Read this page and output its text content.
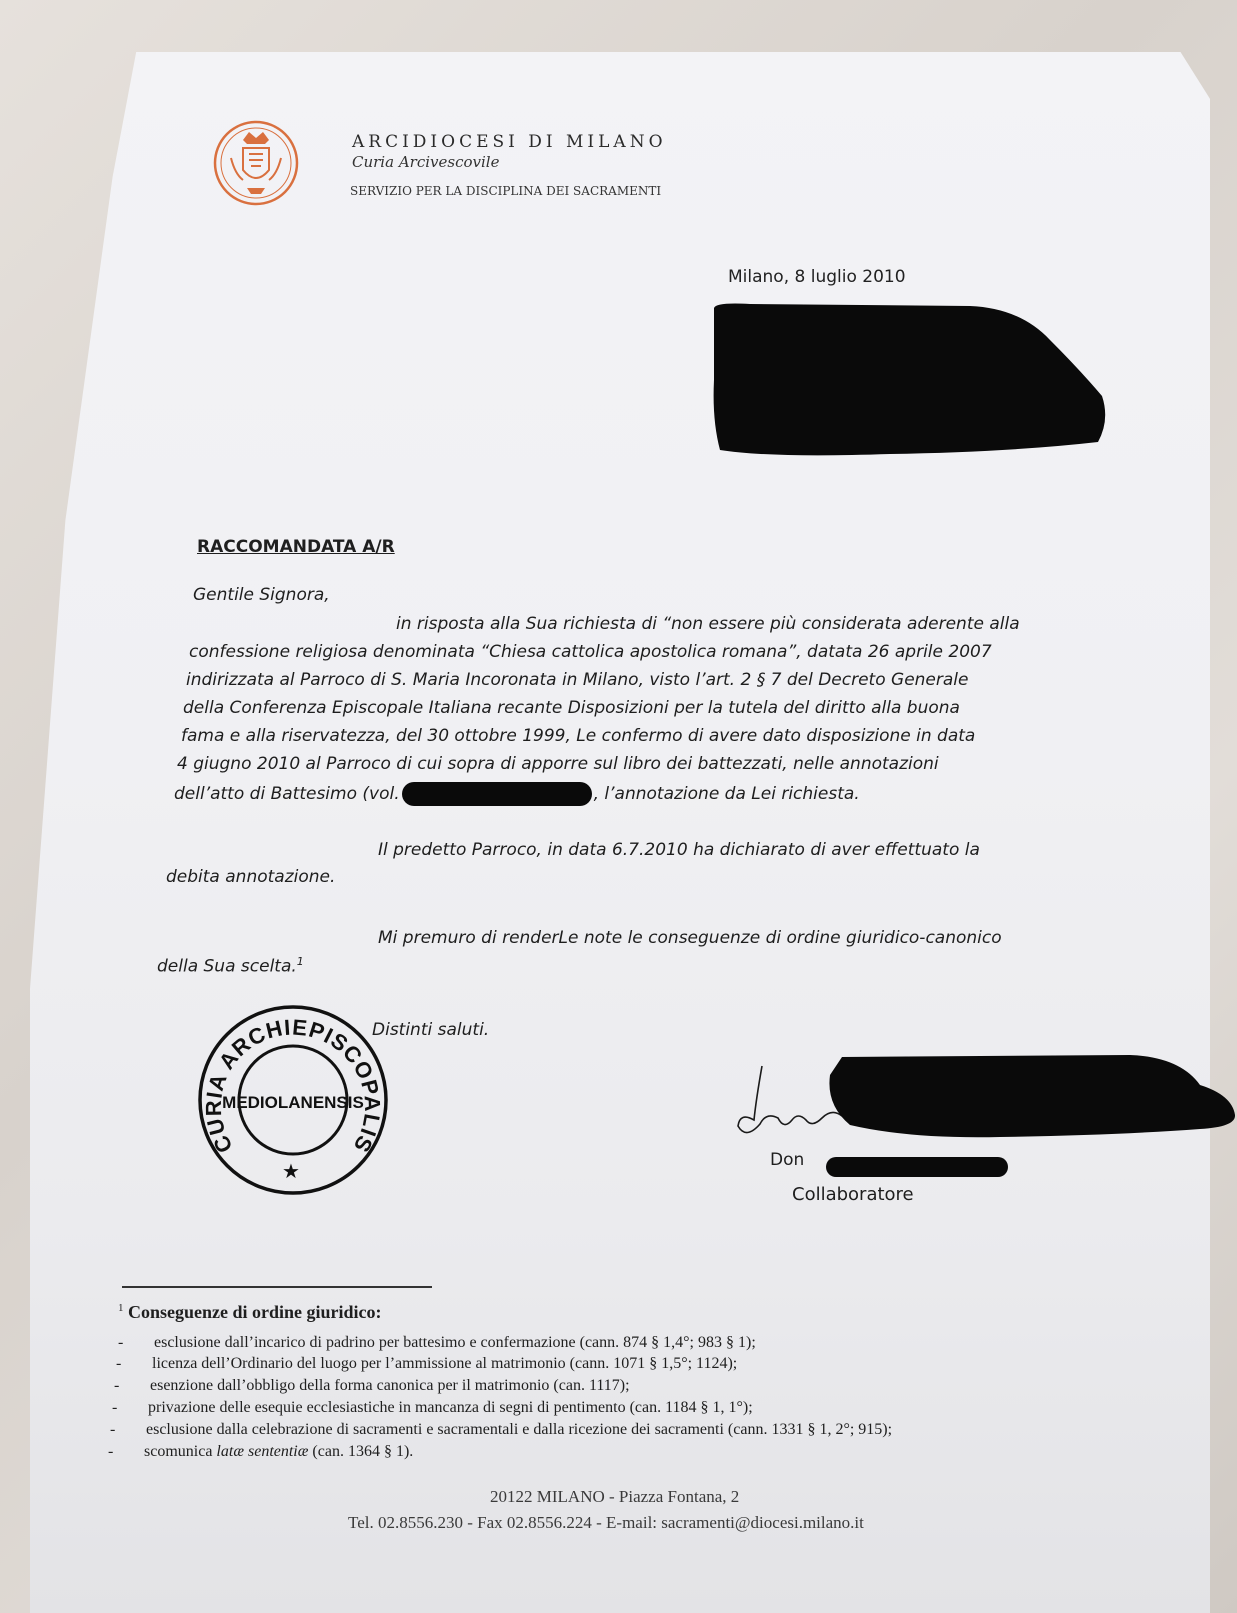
ARCIDIOCESI DI MILANO
Curia Arcivescovile
SERVIZIO PER LA DISCIPLINA DEI SACRAMENTI
Milano, 8 luglio 2010
RACCOMANDATA A/R
Gentile Signora,
in risposta alla Sua richiesta di “non essere più considerata aderente alla
confessione religiosa denominata “Chiesa cattolica apostolica romana”, datata 26 aprile 2007
indirizzata al Parroco di S. Maria Incoronata in Milano, visto l’art. 2 § 7 del Decreto Generale
della Conferenza Episcopale Italiana recante Disposizioni per la tutela del diritto alla buona
fama e alla riservatezza, del 30 ottobre 1999, Le confermo di avere dato disposizione in data
4 giugno 2010 al Parroco di cui sopra di apporre sul libro dei battezzati, nelle annotazioni
dell’atto di Battesimo (vol.	, l’annotazione da Lei richiesta.
Il predetto Parroco, in data 6.7.2010 ha dichiarato di aver effettuato la
debita annotazione.
Mi premuro di renderLe note le conseguenze di ordine giuridico-canonico
della Sua scelta.$^1$
Distinti saluti.
CURIA ARCHIEPISCOPALIS
MEDIOLANENSIS
★	Don
Collaboratore
$^1$ Conseguenze di ordine giuridico:
- esclusione dall’incarico di padrino per battesimo e confermazione (cann. 874 § 1,4°; 983 § 1);
- licenza dell’Ordinario del luogo per l’ammissione al matrimonio (cann. 1071 § 1,5°; 1124);
- esenzione dall’obbligo della forma canonica per il matrimonio (can. 1117);
- privazione delle esequie ecclesiastiche in mancanza di segni di pentimento (can. 1184 § 1, 1°);
- esclusione dalla celebrazione di sacramenti e sacramentali e dalla ricezione dei sacramenti (cann. 1331 § 1, 2°; 915);
- scomunica latæ sententiæ (can. 1364 § 1).
20122 MILANO - Piazza Fontana, 2
Tel. 02.8556.230 - Fax 02.8556.224 - E-mail: sacramenti@diocesi.milano.it
